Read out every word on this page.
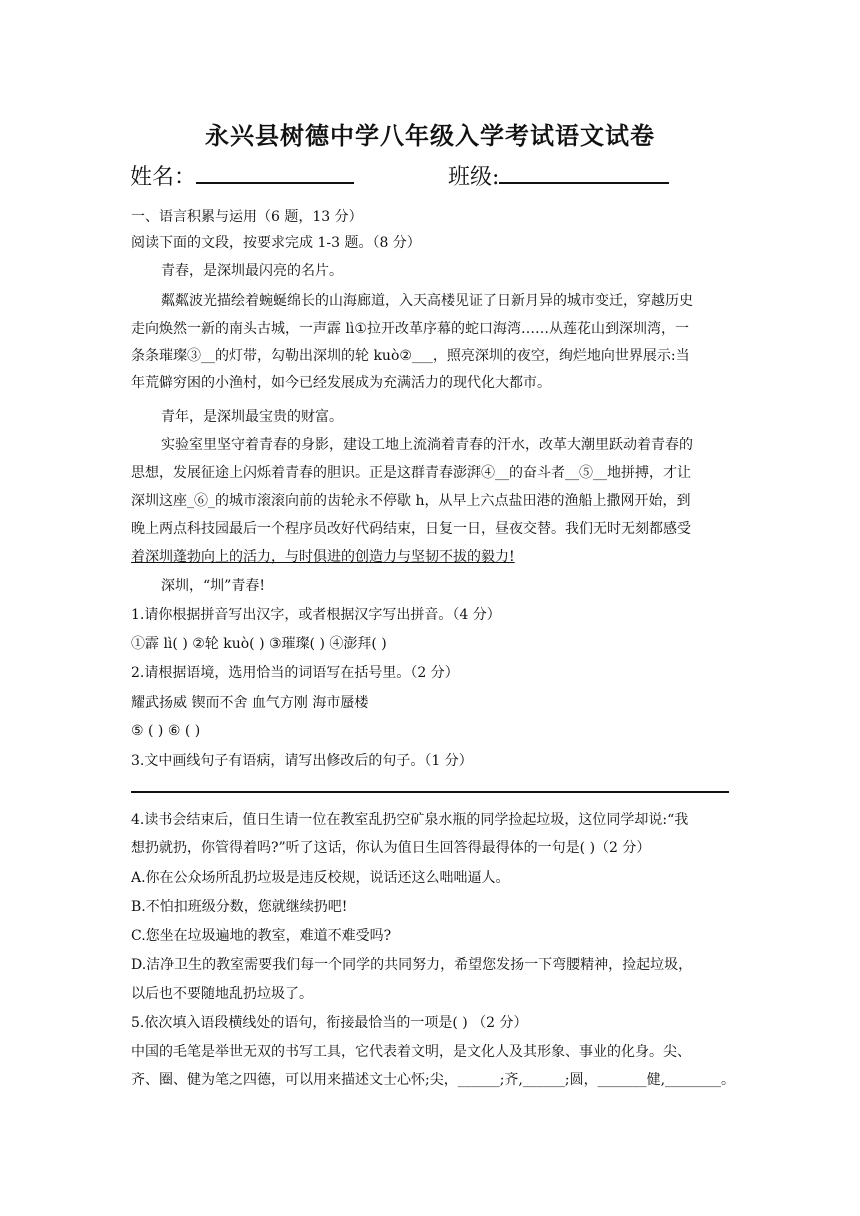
永兴县树德中学八年级入学考试语文试卷
姓名：	班级:
一、语言积累与运用（6 题，13 分）
阅读下面的文段，按要求完成 1-3 题。（8 分）
青春，是深圳最闪亮的名片。
粼粼波光描绘着蜿蜒绵长的山海廊道，入天高楼见证了日新月异的城市变迁，穿越历史
走向焕然一新的南头古城，一声霹 lì①拉开改革序幕的蛇口海湾……从莲花山到深圳湾，一
条条璀璨③__的灯带，勾勒出深圳的轮 kuò②___，照亮深圳的夜空，绚烂地向世界展示:当
年荒僻穷困的小渔村，如今已经发展成为充满活力的现代化大都市。
青年，是深圳最宝贵的财富。
实验室里坚守着青春的身影，建设工地上流淌着青春的汗水，改革大潮里跃动着青春的
思想，发展征途上闪烁着青春的胆识。正是这群青春澎湃④__的奋斗者__⑤__地拼搏，才让
深圳这座_⑥_的城市滚滚向前的齿轮永不停歇 h，从早上六点盐田港的渔船上撒网开始，到
晚上两点科技园最后一个程序员改好代码结束，日复一日，昼夜交替。我们无时无刻都感受
着深圳蓬勃向上的活力，与时俱进的创造力与坚韧不拔的毅力!
深圳，“圳”青春!
1.请你根据拼音写出汉字，或者根据汉字写出拼音。（4 分）
①霹 lì( ) ②轮 kuò( ) ③璀璨( ) ④澎拜( )
2.请根据语境，选用恰当的词语写在括号里。（2 分）
耀武扬威 锲而不舍 血气方刚 海市蜃楼
⑤ ( ) ⑥ ( )
3.文中画线句子有语病，请写出修改后的句子。（1 分）
4.读书会结束后，值日生请一位在教室乱扔空矿泉水瓶的同学捡起垃圾，这位同学却说:“我
想扔就扔，你管得着吗?”听了这话，你认为值日生回答得最得体的一句是( )（2 分）
A.你在公众场所乱扔垃圾是违反校规，说话还这么咄咄逼人。
B.不怕扣班级分数，您就继续扔吧!
C.您坐在垃圾遍地的教室，难道不难受吗?
D.洁净卫生的教室需要我们每一个同学的共同努力，希望您发扬一下弯腰精神，捡起垃圾，
以后也不要随地乱扔垃圾了。
5.依次填入语段横线处的语句，衔接最恰当的一项是( ) （2 分）
中国的毛笔是举世无双的书写工具，它代表着文明，是文化人及其形象、事业的化身。尖、
齐、圈、健为笔之四德，可以用来描述文士心怀;尖，______;齐,______;圆，_______健,________。
